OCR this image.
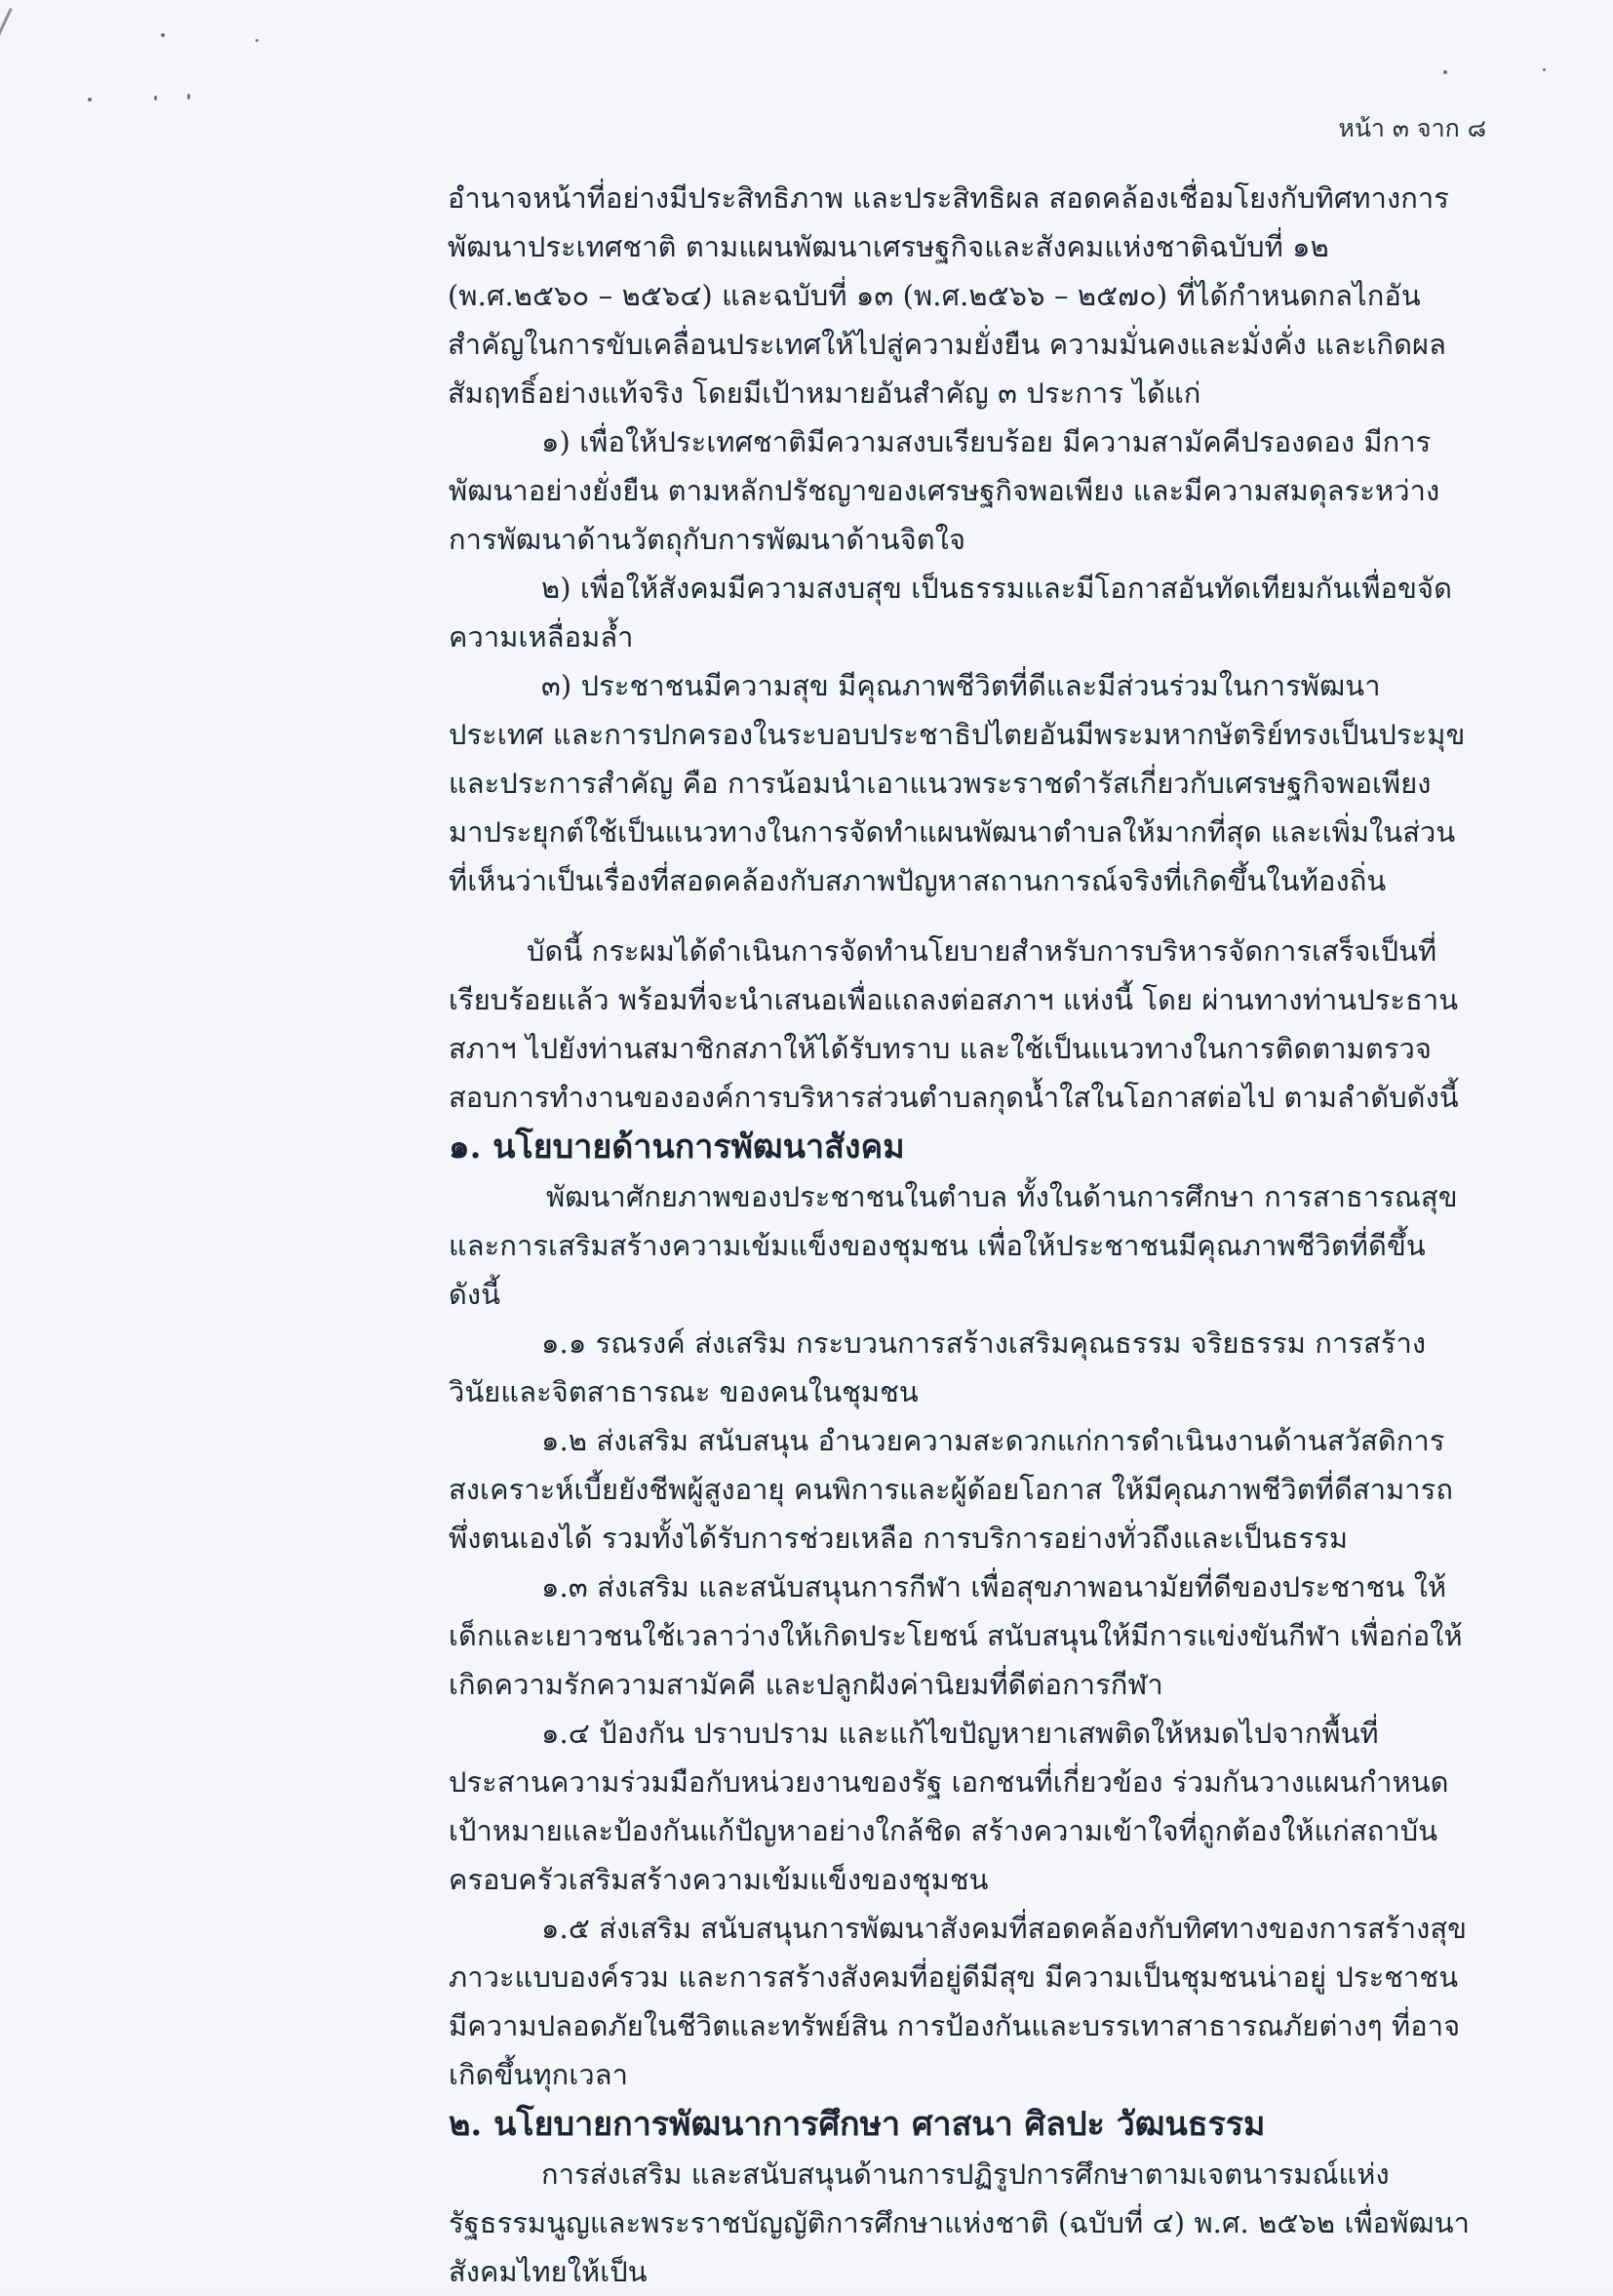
หน้า ๓ จาก ๘

อำนาจหน้าที่อย่างมีประสิทธิภาพ และประสิทธิผล สอดคล้องเชื่อมโยงกับทิศทางการพัฒนาประเทศชาติ ตามแผนพัฒนาเศรษฐกิจและสังคมแห่งชาติฉบับที่ ๑๒ (พ.ศ.๒๕๖๐ – ๒๕๖๔) และฉบับที่ ๑๓ (พ.ศ.๒๕๖๖ – ๒๕๗๐) ที่ได้กำหนดกลไกอันสำคัญในการขับเคลื่อนประเทศให้ไปสู่ความยั่งยืน ความมั่นคงและมั่งคั่ง และเกิดผลสัมฤทธิ์อย่างแท้จริง โดยมีเป้าหมายอันสำคัญ ๓ ประการ ได้แก่

๑) เพื่อให้ประเทศชาติมีความสงบเรียบร้อย มีความสามัคคีปรองดอง มีการพัฒนาอย่างยั่งยืน ตามหลักปรัชญาของเศรษฐกิจพอเพียง และมีความสมดุลระหว่างการพัฒนาด้านวัตถุกับการพัฒนาด้านจิตใจ

๒) เพื่อให้สังคมมีความสงบสุข เป็นธรรมและมีโอกาสอันทัดเทียมกันเพื่อขจัดความเหลื่อมล้ำ

๓) ประชาชนมีความสุข มีคุณภาพชีวิตที่ดีและมีส่วนร่วมในการพัฒนาประเทศ และการปกครองในระบอบประชาธิปไตยอันมีพระมหากษัตริย์ทรงเป็นประมุขและประการสำคัญ คือ การน้อมนำเอาแนวพระราชดำรัสเกี่ยวกับเศรษฐกิจพอเพียง มาประยุกต์ใช้เป็นแนวทางในการจัดทำแผนพัฒนาตำบลให้มากที่สุด และเพิ่มในส่วนที่เห็นว่าเป็นเรื่องที่สอดคล้องกับสภาพปัญหาสถานการณ์จริงที่เกิดขึ้นในท้องถิ่น

บัดนี้ กระผมได้ดำเนินการจัดทำนโยบายสำหรับการบริหารจัดการเสร็จเป็นที่เรียบร้อยแล้ว พร้อมที่จะนำเสนอเพื่อแถลงต่อสภาฯ แห่งนี้ โดย ผ่านทางท่านประธานสภาฯ ไปยังท่านสมาชิกสภาให้ได้รับทราบ และใช้เป็นแนวทางในการติดตามตรวจสอบการทำงานขององค์การบริหารส่วนตำบลกุดน้ำใสในโอกาสต่อไป ตามลำดับดังนี้

๑. นโยบายด้านการพัฒนาสังคม

พัฒนาศักยภาพของประชาชนในตำบล ทั้งในด้านการศึกษา การสาธารณสุข และการเสริมสร้างความเข้มแข็งของชุมชน เพื่อให้ประชาชนมีคุณภาพชีวิตที่ดีขึ้น ดังนี้

๑.๑ รณรงค์ ส่งเสริม กระบวนการสร้างเสริมคุณธรรม จริยธรรม การสร้างวินัยและจิตสาธารณะ ของคนในชุมชน

๑.๒ ส่งเสริม สนับสนุน อำนวยความสะดวกแก่การดำเนินงานด้านสวัสดิการสงเคราะห์เบี้ยยังชีพผู้สูงอายุ คนพิการและผู้ด้อยโอกาส ให้มีคุณภาพชีวิตที่ดีสามารถพึ่งตนเองได้ รวมทั้งได้รับการช่วยเหลือ การบริการอย่างทั่วถึงและเป็นธรรม

๑.๓ ส่งเสริม และสนับสนุนการกีฬา เพื่อสุขภาพอนามัยที่ดีของประชาชน ให้เด็กและเยาวชนใช้เวลาว่างให้เกิดประโยชน์ สนับสนุนให้มีการแข่งขันกีฬา เพื่อก่อให้เกิดความรักความสามัคคี และปลูกฝังค่านิยมที่ดีต่อการกีฬา

๑.๔ ป้องกัน ปราบปราม และแก้ไขปัญหายาเสพติดให้หมดไปจากพื้นที่ ประสานความร่วมมือกับหน่วยงานของรัฐ เอกชนที่เกี่ยวข้อง ร่วมกันวางแผนกำหนดเป้าหมายและป้องกันแก้ปัญหาอย่างใกล้ชิด สร้างความเข้าใจที่ถูกต้องให้แก่สถาบันครอบครัวเสริมสร้างความเข้มแข็งของชุมชน

๑.๕ ส่งเสริม สนับสนุนการพัฒนาสังคมที่สอดคล้องกับทิศทางของการสร้างสุขภาวะแบบองค์รวม และการสร้างสังคมที่อยู่ดีมีสุข มีความเป็นชุมชนน่าอยู่ ประชาชนมีความปลอดภัยในชีวิตและทรัพย์สิน การป้องกันและบรรเทาสาธารณภัยต่างๆ ที่อาจเกิดขึ้นทุกเวลา

๒. นโยบายการพัฒนาการศึกษา ศาสนา ศิลปะ วัฒนธรรม

การส่งเสริม และสนับสนุนด้านการปฏิรูปการศึกษาตามเจตนารมณ์แห่งรัฐธรรมนูญและพระราชบัญญัติการศึกษาแห่งชาติ (ฉบับที่ ๔) พ.ศ. ๒๕๖๒ เพื่อพัฒนาสังคมไทยให้เป็น
